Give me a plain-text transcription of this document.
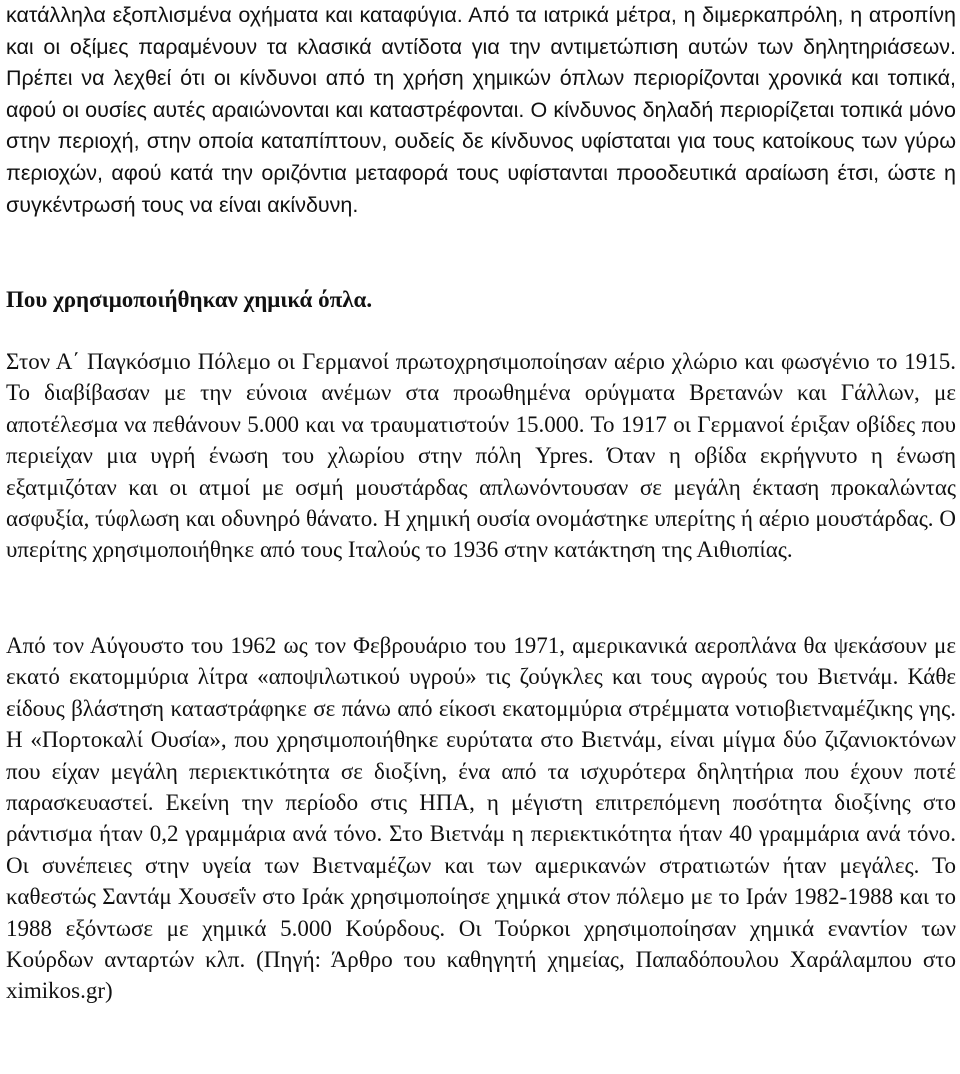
κατάλληλα εξοπλισμένα οχήματα και καταφύγια. Από τα ιατρικά μέτρα, η διμερκαπρόλη, η ατροπίνη και οι οξίμες παραμένουν τα κλασικά αντίδοτα για την αντιμετώπιση αυτών των δηλητηριάσεων. Πρέπει να λεχθεί ότι οι κίνδυνοι από τη χρήση χημικών όπλων περιορίζονται χρονικά και τοπικά, αφού οι ουσίες αυτές αραιώνονται και καταστρέφονται. Ο κίνδυνος δηλαδή περιορίζεται τοπικά μόνο στην περιοχή, στην οποία καταπίπτουν, ουδείς δε κίνδυνος υφίσταται για τους κατοίκους των γύρω περιοχών, αφού κατά την οριζόντια μεταφορά τους υφίστανται προοδευτικά αραίωση έτσι, ώστε η συγκέντρωσή τους να είναι ακίνδυνη.

Που χρησιμοποιήθηκαν χημικά όπλα.

Στον Α΄ Παγκόσμιο Πόλεμο οι Γερμανοί πρωτοχρησιμοποίησαν αέριο χλώριο και φωσγένιο το 1915. Το διαβίβασαν με την εύνοια ανέμων στα προωθημένα ορύγματα Βρετανών και Γάλλων, με αποτέλεσμα να πεθάνουν 5.000 και να τραυματιστούν 15.000. Το 1917 οι Γερμανοί έριξαν οβίδες που περιείχαν μια υγρή ένωση του χλωρίου στην πόλη Ypres. Όταν η οβίδα εκρήγνυτο η ένωση εξατμιζόταν και οι ατμοί με οσμή μουστάρδας απλωνόντουσαν σε μεγάλη έκταση προκαλώντας ασφυξία, τύφλωση και οδυνηρό θάνατο. Η χημική ουσία ονομάστηκε υπερίτης ή αέριο μουστάρδας. Ο υπερίτης χρησιμοποιήθηκε από τους Ιταλούς το 1936 στην κατάκτηση της Αιθιοπίας.

Από τον Αύγουστο του 1962 ως τον Φεβρουάριο του 1971, αμερικανικά αεροπλάνα θα ψεκάσουν με εκατό εκατομμύρια λίτρα «αποψιλωτικού υγρού» τις ζούγκλες και τους αγρούς του Βιετνάμ. Κάθε είδους βλάστηση καταστράφηκε σε πάνω από είκοσι εκατομμύρια στρέμματα νοτιοβιετναμέζικης γης. Η «Πορτοκαλί Ουσία», που χρησιμοποιήθηκε ευρύτατα στο Βιετνάμ, είναι μίγμα δύο ζιζανιοκτόνων που είχαν μεγάλη περιεκτικότητα σε διοξίνη, ένα από τα ισχυρότερα δηλητήρια που έχουν ποτέ παρασκευαστεί. Εκείνη την περίοδο στις ΗΠΑ, η μέγιστη επιτρεπόμενη ποσότητα διοξίνης στο ράντισμα ήταν 0,2 γραμμάρια ανά τόνο. Στο Βιετνάμ η περιεκτικότητα ήταν 40 γραμμάρια ανά τόνο. Οι συνέπειες στην υγεία των Βιετναμέζων και των αμερικανών στρατιωτών ήταν μεγάλες. Το καθεστώς Σαντάμ Χουσεΐν στο Ιράκ χρησιμοποίησε χημικά στον πόλεμο με το Ιράν 1982-1988 και το 1988 εξόντωσε με χημικά 5.000 Κούρδους. Οι Τούρκοι χρησιμοποίησαν χημικά εναντίον των Κούρδων ανταρτών κλπ. (Πηγή: Άρθρο του καθηγητή χημείας, Παπαδόπουλου Χαράλαμπου στο ximikos.gr)
